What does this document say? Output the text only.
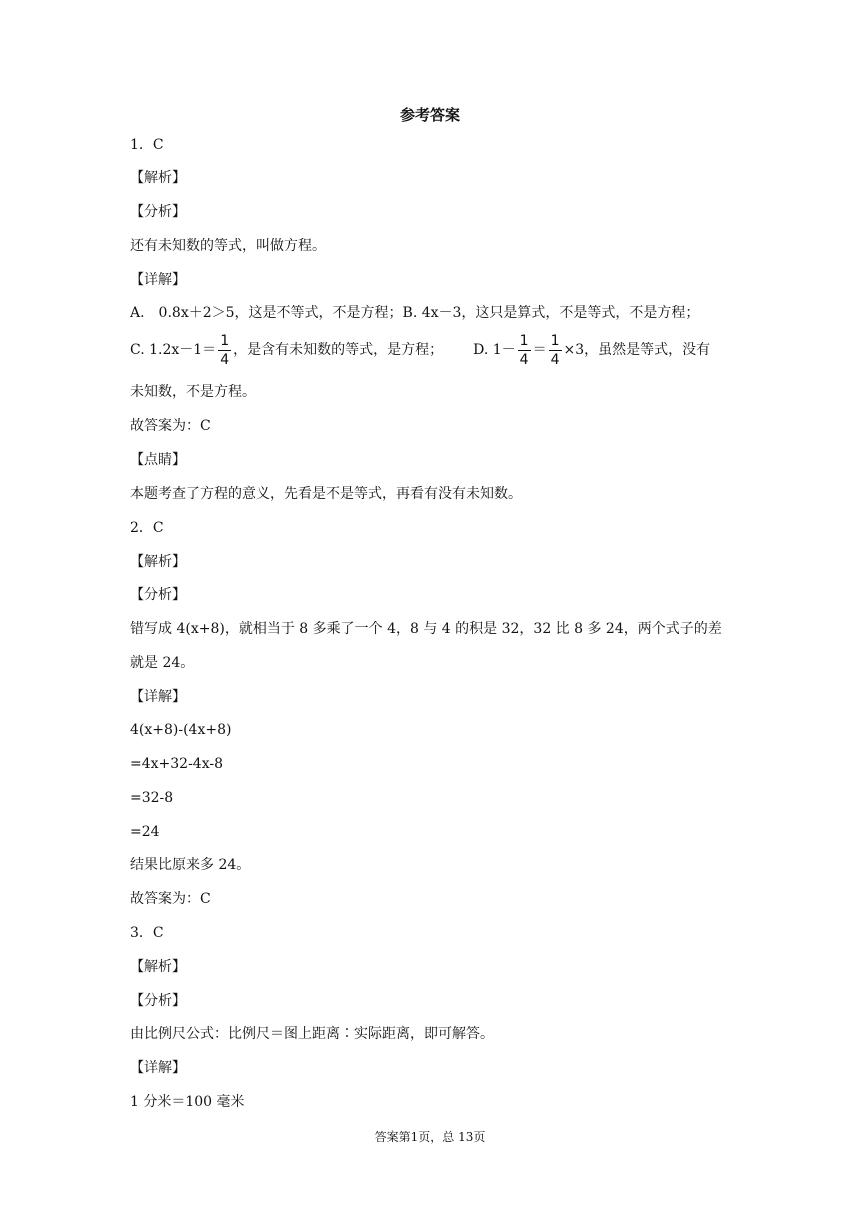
参考答案
1．C
【解析】
【分析】
还有未知数的等式，叫做方程。
【详解】
A.　0.8x＋2＞5，这是不等式，不是方程；B. 4x－3，这只是算式，不是等式，不是方程；
C. $1.2x-1= \frac{1}{4}$ ，是含有未知数的等式，是方程； D. $1- \frac{1}{4} = \frac{1}{4} \times 3$，虽然是等式，没有
未知数，不是方程。
故答案为：C
【点睛】
本题考查了方程的意义，先看是不是等式，再看有没有未知数。
2．C
【解析】
【分析】
错写成 4(x+8)，就相当于 8 多乘了一个 4，8 与 4 的积是 32，32 比 8 多 24，两个式子的差
就是 24。
【详解】
4(x+8)-(4x+8)
=4x+32-4x-8
=32-8
=24
结果比原来多 24。
故答案为：C
3．C
【解析】
【分析】
由比例尺公式：比例尺＝图上距离∶实际距离，即可解答。
【详解】
1 分米＝100 毫米
答案第1页，总 13页
